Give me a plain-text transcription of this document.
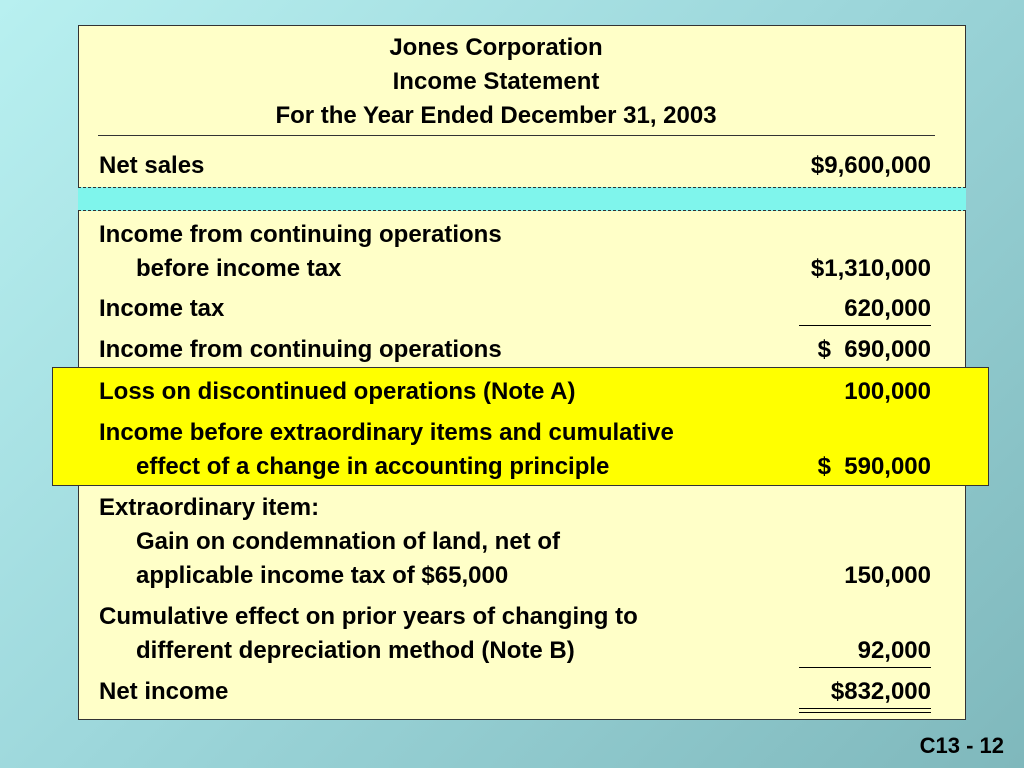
Jones Corporation
Income Statement
For the Year Ended December 31, 2003
Net sales	$9,600,000
Income from continuing operations
before income tax	$1,310,000
Income tax	620,000
Income from continuing operations	$  690,000
Loss on discontinued operations (Note A)	100,000
Income before extraordinary items and cumulative
effect of a change in accounting principle	$  590,000
Extraordinary item:
Gain on condemnation of land, net of
applicable income tax of $65,000	150,000
Cumulative effect on prior years of changing to
different depreciation method (Note B)	92,000
Net income	$832,000
C13 - 12
